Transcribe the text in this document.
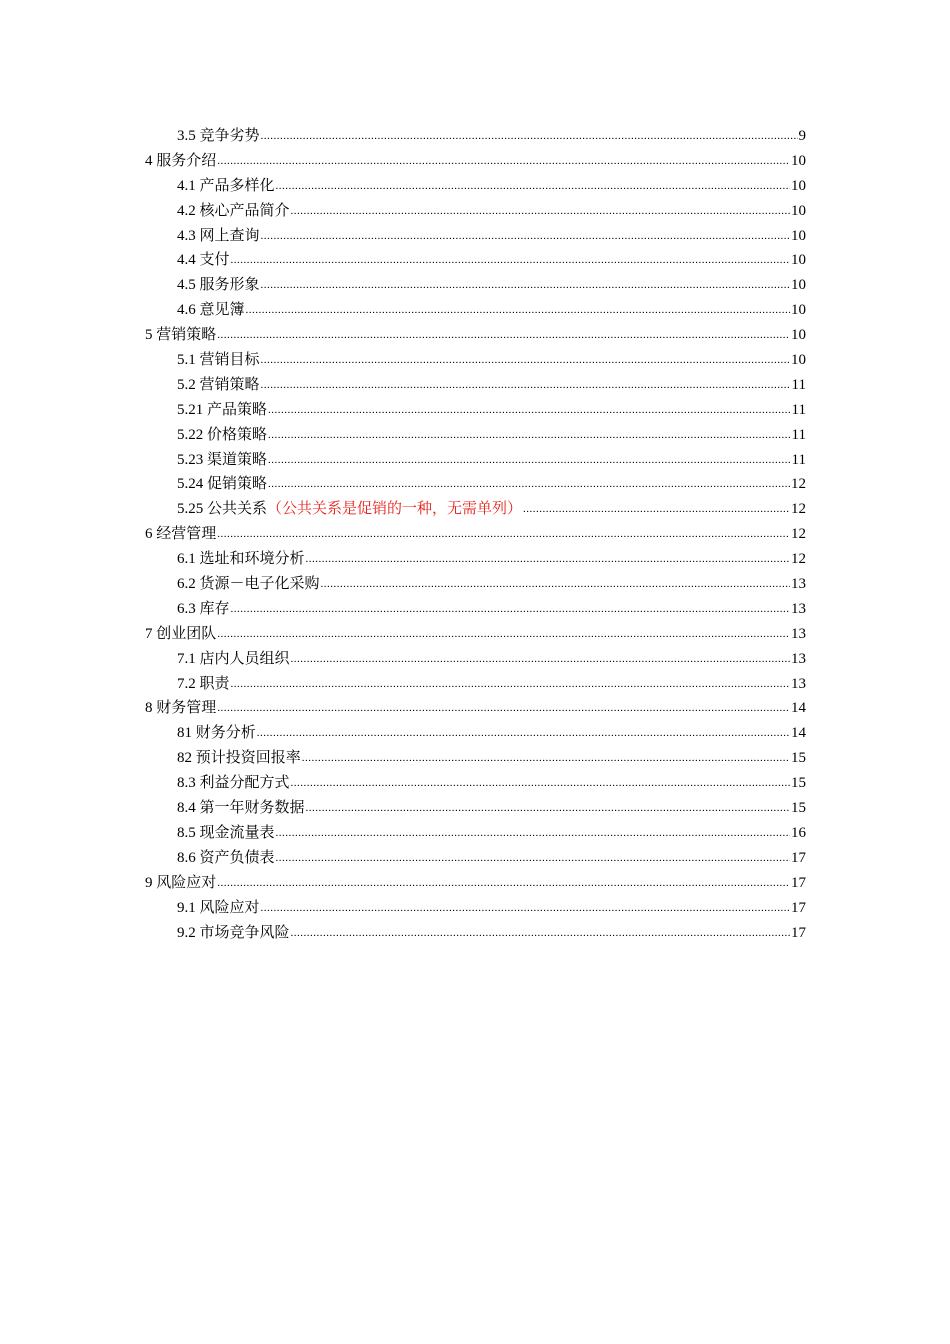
3.5 竞争劣势 .....	9
4 服务介绍 .....	10
4.1 产品多样化 .....	10
4.2 核心产品简介 .....	10
4.3 网上查询 .....	10
4.4 支付 .....	10
4.5 服务形象 .....	10
4.6 意见簿 .....	10
5 营销策略 .....	10
5.1 营销目标 .....	10
5.2 营销策略 .....	11
5.21 产品策略 .....	11
5.22 价格策略 .....	11
5.23 渠道策略 .....	11
5.24 促销策略 .....	12
5.25 公共关系（公共关系是促销的一种，无需单列） .....	12
6 经营管理 .....	12
6.1 选址和环境分析 .....	12
6.2 货源－电子化采购 .....	13
6.3 库存 .....	13
7 创业团队 .....	13
7.1 店内人员组织 .....	13
7.2 职责 .....	13
8 财务管理 .....	14
81 财务分析 .....	14
82 预计投资回报率 .....	15
8.3 利益分配方式 .....	15
8.4 第一年财务数据 .....	15
8.5 现金流量表 .....	16
8.6 资产负债表 .....	17
9 风险应对 .....	17
9.1 风险应对 .....	17
9.2 市场竞争风险 .....	17
